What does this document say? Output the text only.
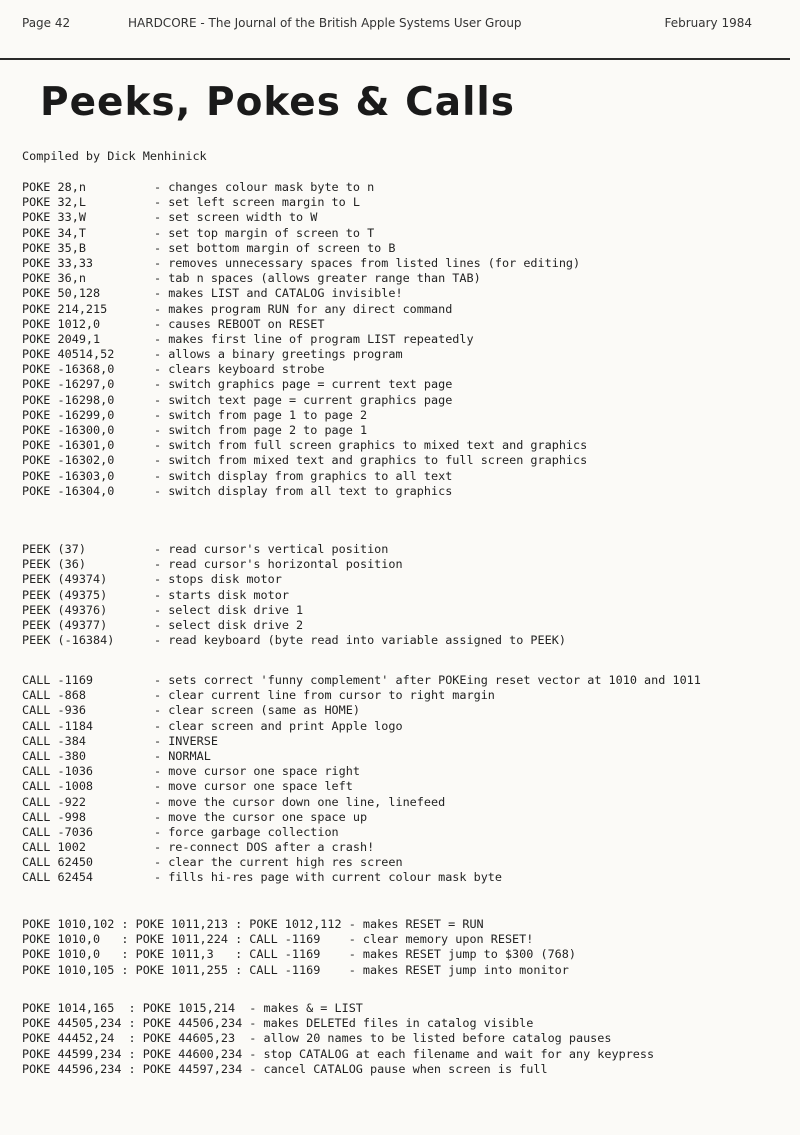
Page 42	HARDCORE - The Journal of the British Apple Systems User Group	February 1984
Peeks, Pokes & Calls
Compiled by Dick Menhinick
POKE 28,n	- changes colour mask byte to n
POKE 32,L	- set left screen margin to L
POKE 33,W	- set screen width to W
POKE 34,T	- set top margin of screen to T
POKE 35,B	- set bottom margin of screen to B
POKE 33,33	- removes unnecessary spaces from listed lines (for editing)
POKE 36,n	- tab n spaces (allows greater range than TAB)
POKE 50,128	- makes LIST and CATALOG invisible!
POKE 214,215	- makes program RUN for any direct command
POKE 1012,0	- causes REBOOT on RESET
POKE 2049,1	- makes first line of program LIST repeatedly
POKE 40514,52	- allows a binary greetings program
POKE -16368,0	- clears keyboard strobe
POKE -16297,0	- switch graphics page = current text page
POKE -16298,0	- switch text page = current graphics page
POKE -16299,0	- switch from page 1 to page 2
POKE -16300,0	- switch from page 2 to page 1
POKE -16301,0	- switch from full screen graphics to mixed text and graphics
POKE -16302,0	- switch from mixed text and graphics to full screen graphics
POKE -16303,0	- switch display from graphics to all text
POKE -16304,0	- switch display from all text to graphics
PEEK (37)	- read cursor's vertical position
PEEK (36)	- read cursor's horizontal position
PEEK (49374)	- stops disk motor
PEEK (49375)	- starts disk motor
PEEK (49376)	- select disk drive 1
PEEK (49377)	- select disk drive 2
PEEK (-16384)	- read keyboard (byte read into variable assigned to PEEK)
CALL -1169	- sets correct 'funny complement' after POKEing reset vector at 1010 and 1011
CALL -868	- clear current line from cursor to right margin
CALL -936	- clear screen (same as HOME)
CALL -1184	- clear screen and print Apple logo
CALL -384	- INVERSE
CALL -380	- NORMAL
CALL -1036	- move cursor one space right
CALL -1008	- move cursor one space left
CALL -922	- move the cursor down one line, linefeed
CALL -998	- move the cursor one space up
CALL -7036	- force garbage collection
CALL 1002	- re-connect DOS after a crash!
CALL 62450	- clear the current high res screen
CALL 62454	- fills hi-res page with current colour mask byte
POKE 1010,102 : POKE 1011,213 : POKE 1012,112 - makes RESET = RUN
POKE 1010,0   : POKE 1011,224 : CALL -1169    - clear memory upon RESET!
POKE 1010,0   : POKE 1011,3   : CALL -1169    - makes RESET jump to $300 (768)
POKE 1010,105 : POKE 1011,255 : CALL -1169    - makes RESET jump into monitor
POKE 1014,165  : POKE 1015,214  - makes & = LIST
POKE 44505,234 : POKE 44506,234 - makes DELETEd files in catalog visible
POKE 44452,24  : POKE 44605,23  - allow 20 names to be listed before catalog pauses
POKE 44599,234 : POKE 44600,234 - stop CATALOG at each filename and wait for any keypress
POKE 44596,234 : POKE 44597,234 - cancel CATALOG pause when screen is full
